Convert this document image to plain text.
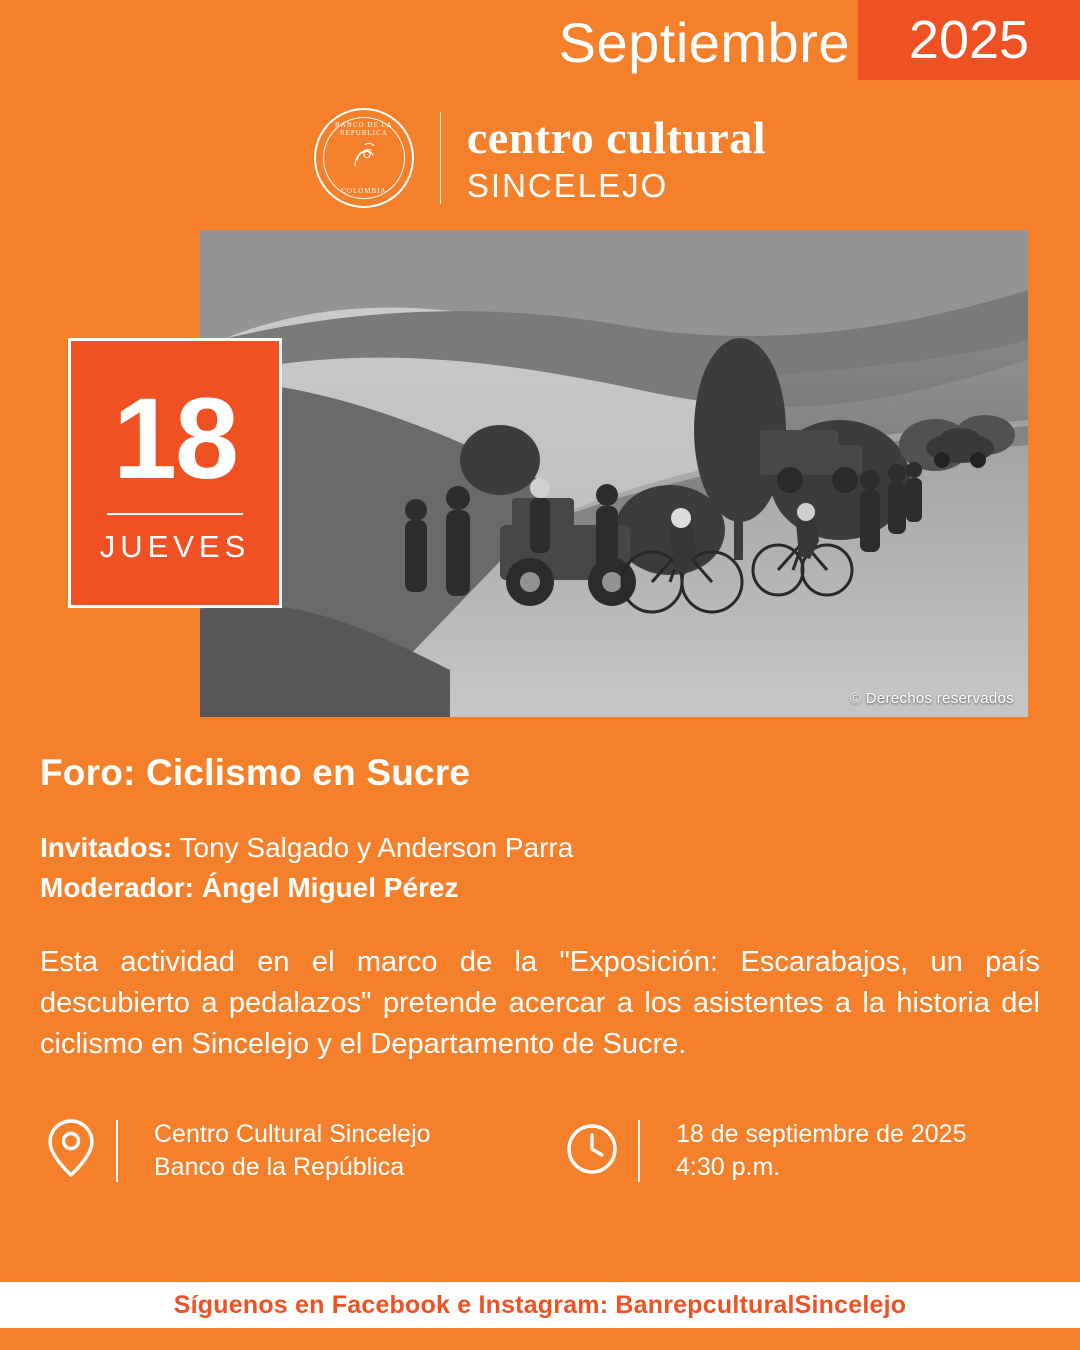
Septiembre 2025
BANCO DE LA REPUBLICA
COLOMBIA
centro cultural
SINCELEJO
© Derechos reservados
18
JUEVES
Foro: Ciclismo en Sucre
Invitados: Tony Salgado y Anderson Parra
Moderador: Ángel Miguel Pérez
Esta actividad en el marco de la "Exposición: Escarabajos, un país descubierto a pedalazos" pretende acercar a los asistentes a la historia del ciclismo en Sincelejo y el Departamento de Sucre.
Centro Cultural Sincelejo
Banco de la República
18 de septiembre de 2025
4:30 p.m.
Síguenos en Facebook e Instagram: BanrepculturalSincelejo
